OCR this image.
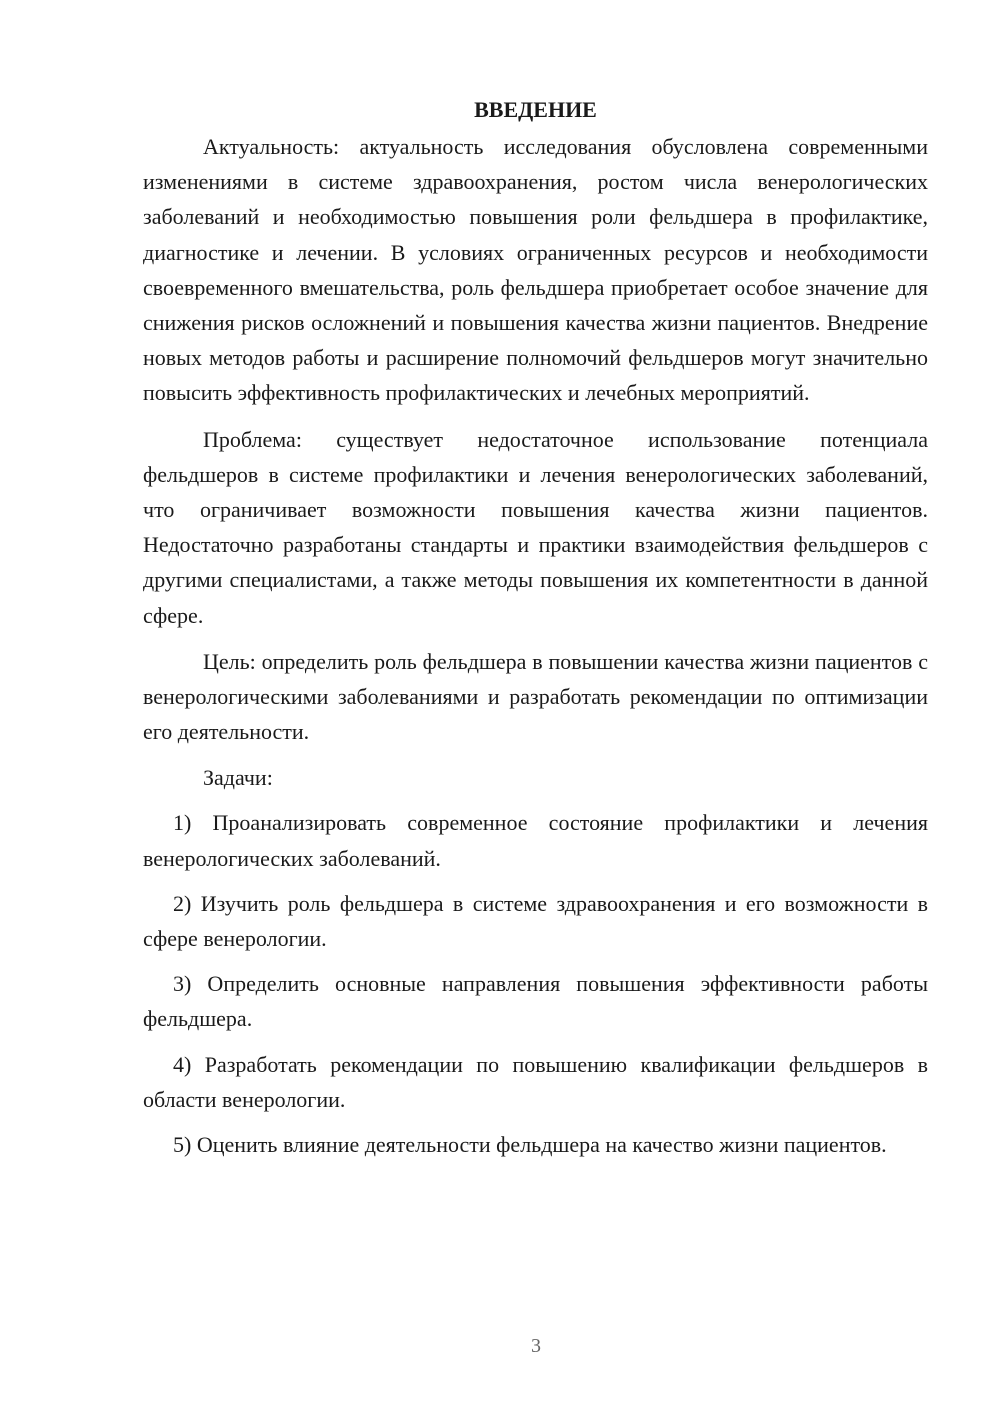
ВВЕДЕНИЕ

Актуальность: актуальность исследования обусловлена современными изменениями в системе здравоохранения, ростом числа венерологических заболеваний и необходимостью повышения роли фельдшера в профилактике, диагностике и лечении. В условиях ограниченных ресурсов и необходимости своевременного вмешательства, роль фельдшера приобретает особое значение для снижения рисков осложнений и повышения качества жизни пациентов. Внедрение новых методов работы и расширение полномочий фельдшеров могут значительно повысить эффективность профилактических и лечебных мероприятий.

Проблема: существует недостаточное использование потенциала фельдшеров в системе профилактики и лечения венерологических заболеваний, что ограничивает возможности повышения качества жизни пациентов. Недостаточно разработаны стандарты и практики взаимодействия фельдшеров с другими специалистами, а также методы повышения их компетентности в данной сфере.

Цель: определить роль фельдшера в повышении качества жизни пациентов с венерологическими заболеваниями и разработать рекомендации по оптимизации его деятельности.

Задачи:

1) Проанализировать современное состояние профилактики и лечения венерологических заболеваний.

2) Изучить роль фельдшера в системе здравоохранения и его возможности в сфере венерологии.

3) Определить основные направления повышения эффективности работы фельдшера.

4) Разработать рекомендации по повышению квалификации фельдшеров в области венерологии.

5) Оценить влияние деятельности фельдшера на качество жизни пациентов.

3
